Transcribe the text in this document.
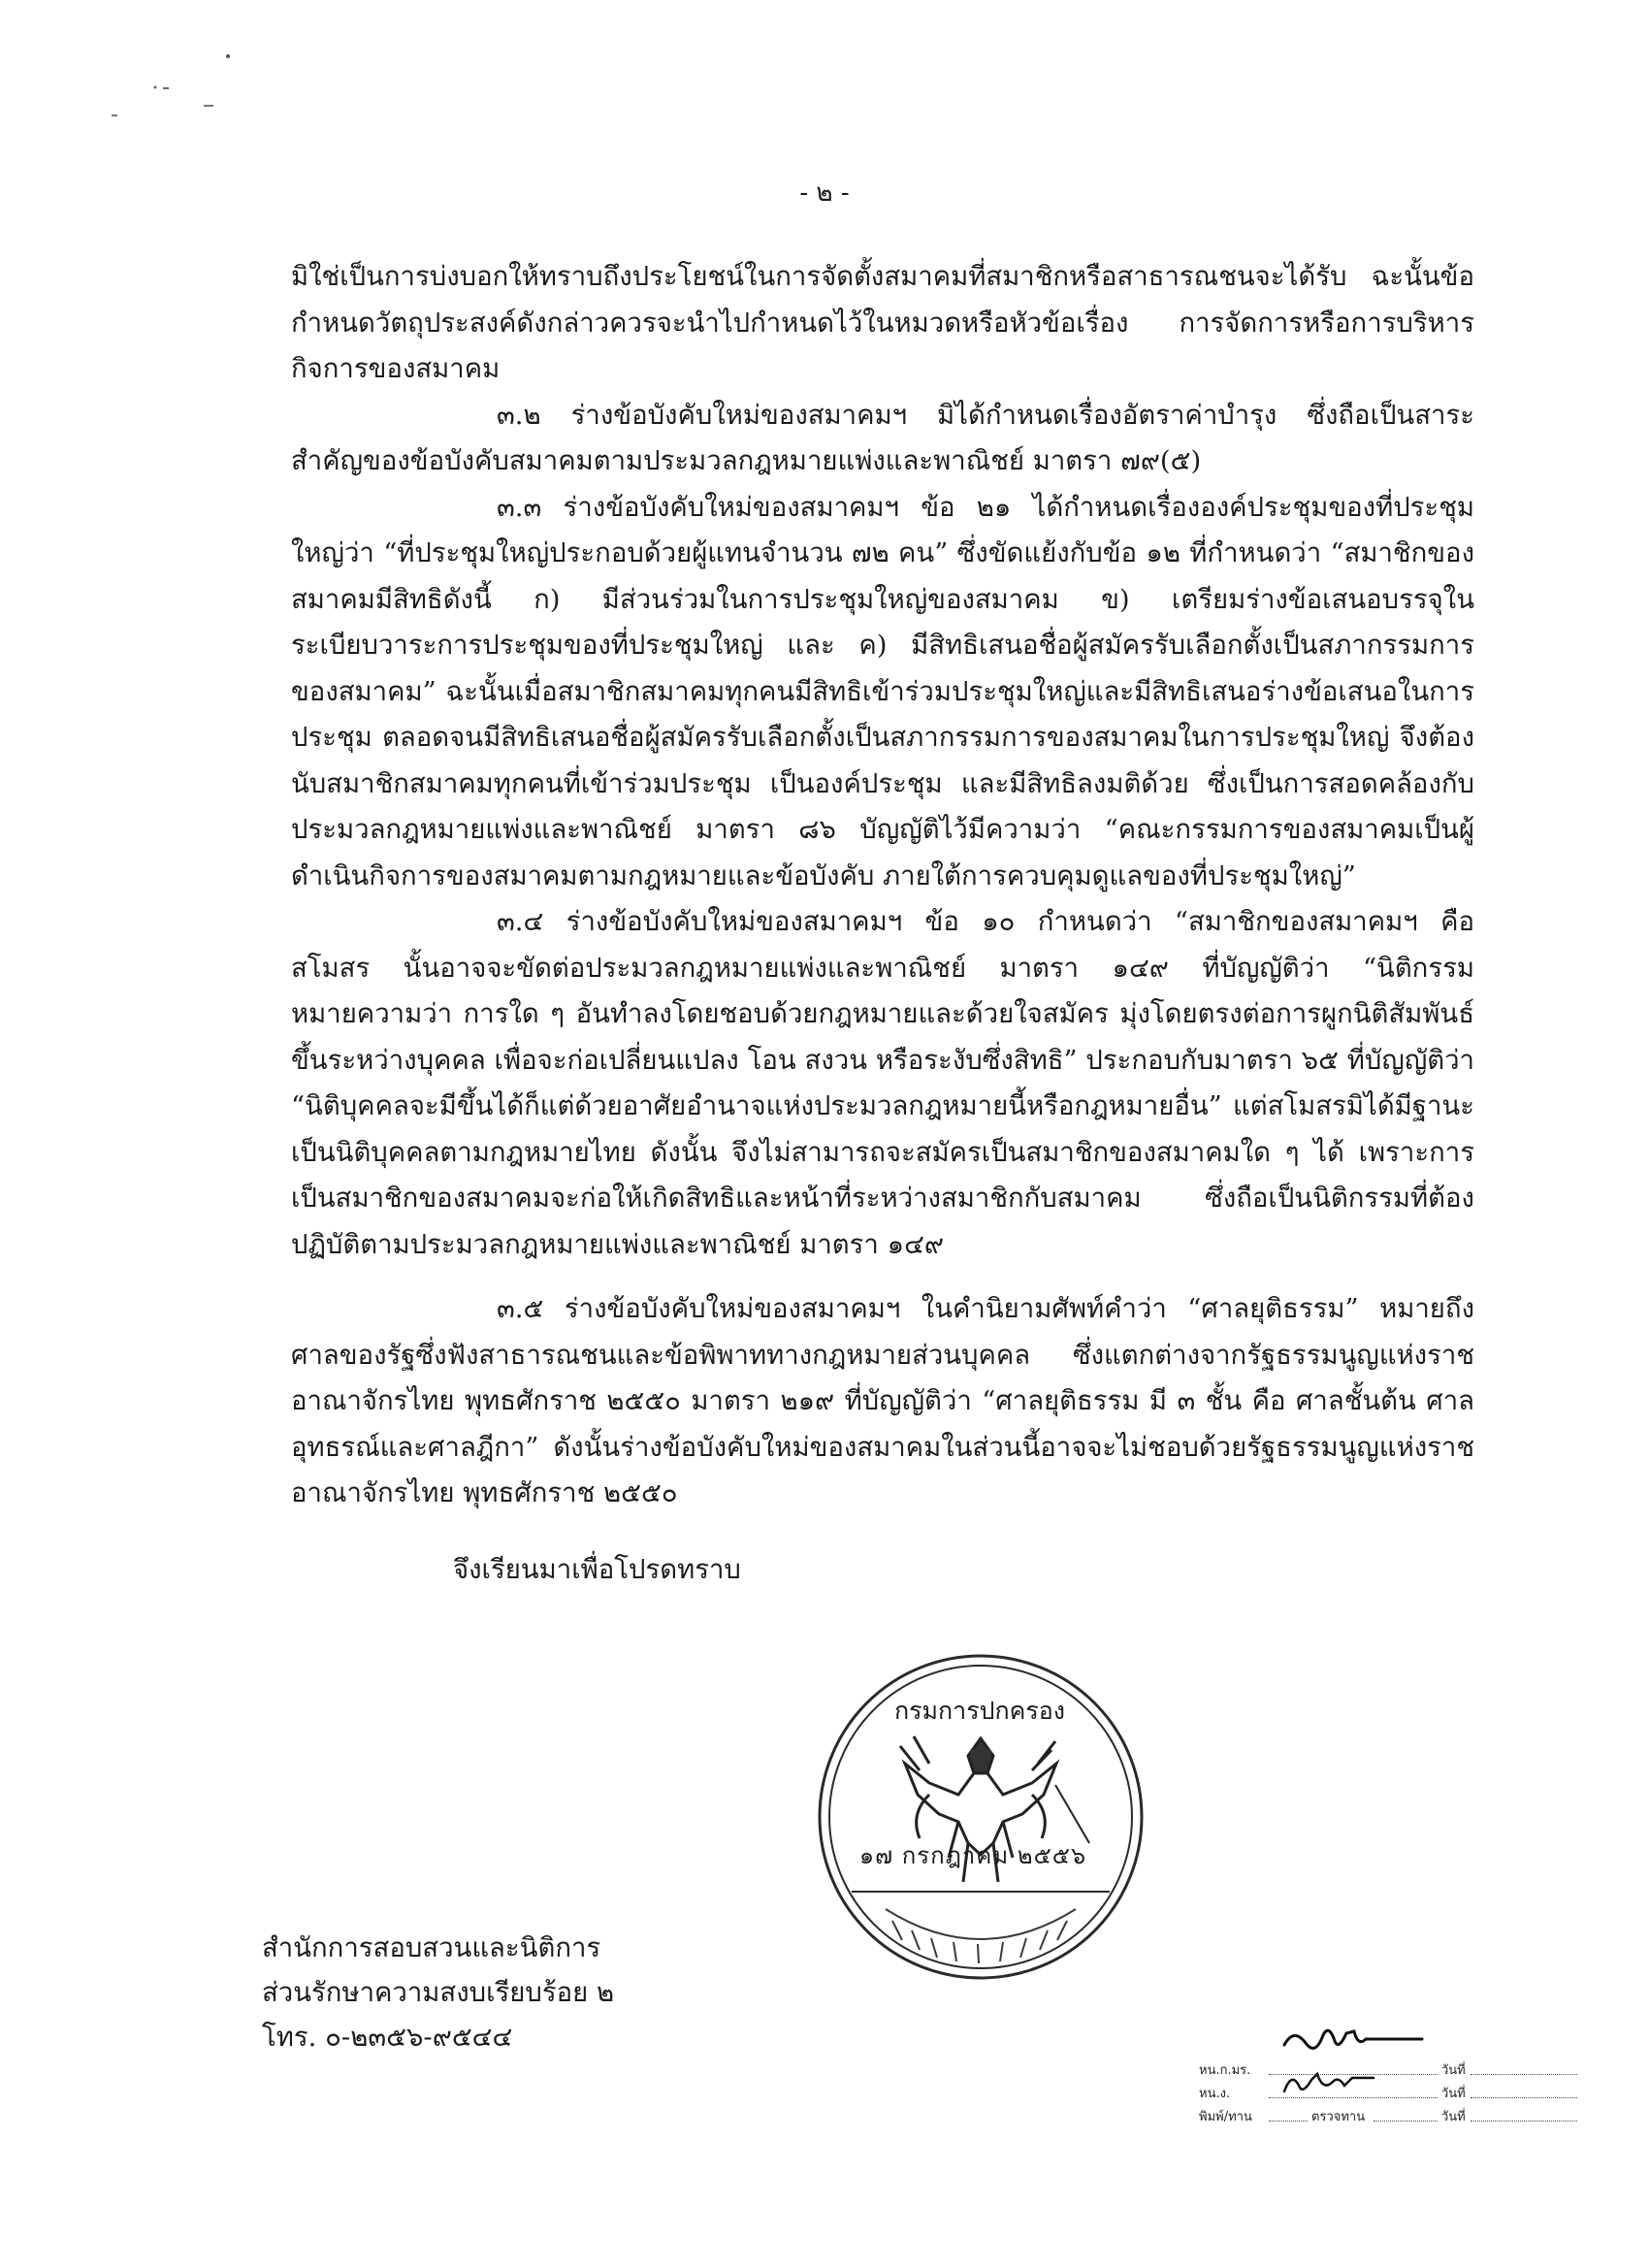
- ๒ -

มิใช่เป็นการบ่งบอกให้ทราบถึงประโยชน์ในการจัดตั้งสมาคมที่สมาชิกหรือสาธารณชนจะได้รับ ฉะนั้นข้อกำหนดวัตถุประสงค์ดังกล่าวควรจะนำไปกำหนดไว้ในหมวดหรือหัวข้อเรื่อง การจัดการหรือการบริหารกิจการของสมาคม

๓.๒ ร่างข้อบังคับใหม่ของสมาคมฯ มิได้กำหนดเรื่องอัตราค่าบำรุง ซึ่งถือเป็นสาระสำคัญของข้อบังคับสมาคมตามประมวลกฎหมายแพ่งและพาณิชย์ มาตรา ๗๙(๕)

๓.๓ ร่างข้อบังคับใหม่ของสมาคมฯ ข้อ ๒๑ ได้กำหนดเรื่ององค์ประชุมของที่ประชุมใหญ่ว่า “ที่ประชุมใหญ่ประกอบด้วยผู้แทนจำนวน ๗๒ คน” ซึ่งขัดแย้งกับข้อ ๑๒ ที่กำหนดว่า “สมาชิกของสมาคมมีสิทธิดังนี้ ก) มีส่วนร่วมในการประชุมใหญ่ของสมาคม ข) เตรียมร่างข้อเสนอบรรจุในระเบียบวาระการประชุมของที่ประชุมใหญ่ และ ค) มีสิทธิเสนอชื่อผู้สมัครรับเลือกตั้งเป็นสภากรรมการของสมาคม” ฉะนั้นเมื่อสมาชิกสมาคมทุกคนมีสิทธิเข้าร่วมประชุมใหญ่และมีสิทธิเสนอร่างข้อเสนอในการประชุม ตลอดจนมีสิทธิเสนอชื่อผู้สมัครรับเลือกตั้งเป็นสภากรรมการของสมาคมในการประชุมใหญ่ จึงต้องนับสมาชิกสมาคมทุกคนที่เข้าร่วมประชุม เป็นองค์ประชุม และมีสิทธิลงมติด้วย ซึ่งเป็นการสอดคล้องกับประมวลกฎหมายแพ่งและพาณิชย์ มาตรา ๘๖ บัญญัติไว้มีความว่า “คณะกรรมการของสมาคมเป็นผู้ดำเนินกิจการของสมาคมตามกฎหมายและข้อบังคับ ภายใต้การควบคุมดูแลของที่ประชุมใหญ่”

๓.๔ ร่างข้อบังคับใหม่ของสมาคมฯ ข้อ ๑๐ กำหนดว่า “สมาชิกของสมาคมฯ คือ สโมสร นั้นอาจจะขัดต่อประมวลกฎหมายแพ่งและพาณิชย์ มาตรา ๑๔๙ ที่บัญญัติว่า “นิติกรรม หมายความว่า การใด ๆ อันทำลงโดยชอบด้วยกฎหมายและด้วยใจสมัคร มุ่งโดยตรงต่อการผูกนิติสัมพันธ์ขึ้นระหว่างบุคคล เพื่อจะก่อเปลี่ยนแปลง โอน สงวน หรือระงับซึ่งสิทธิ” ประกอบกับมาตรา ๖๕ ที่บัญญัติว่า “นิติบุคคลจะมีขึ้นได้ก็แต่ด้วยอาศัยอำนาจแห่งประมวลกฎหมายนี้หรือกฎหมายอื่น” แต่สโมสรมิได้มีฐานะเป็นนิติบุคคลตามกฎหมายไทย ดังนั้น จึงไม่สามารถจะสมัครเป็นสมาชิกของสมาคมใด ๆ ได้ เพราะการเป็นสมาชิกของสมาคมจะก่อให้เกิดสิทธิและหน้าที่ระหว่างสมาชิกกับสมาคม ซึ่งถือเป็นนิติกรรมที่ต้องปฏิบัติตามประมวลกฎหมายแพ่งและพาณิชย์ มาตรา ๑๔๙

๓.๕ ร่างข้อบังคับใหม่ของสมาคมฯ ในคำนิยามศัพท์คำว่า “ศาลยุติธรรม” หมายถึง ศาลของรัฐซึ่งฟังสาธารณชนและข้อพิพาททางกฎหมายส่วนบุคคล ซึ่งแตกต่างจากรัฐธรรมนูญแห่งราชอาณาจักรไทย พุทธศักราช ๒๕๕๐ มาตรา ๒๑๙ ที่บัญญัติว่า “ศาลยุติธรรม มี ๓ ชั้น คือ ศาลชั้นต้น ศาลอุทธรณ์และศาลฎีกา” ดังนั้นร่างข้อบังคับใหม่ของสมาคมในส่วนนี้อาจจะไม่ชอบด้วยรัฐธรรมนูญแห่งราชอาณาจักรไทย พุทธศักราช ๒๕๕๐

จึงเรียนมาเพื่อโปรดทราบ
กรมการปกครอง
๑๗ กรกฎาคม ๒๕๕๖
สำนักการสอบสวนและนิติการ
ส่วนรักษาความสงบเรียบร้อย ๒
โทร. ๐-๒๓๕๖-๙๕๔๔
หน.ก.มร.	วันที่
หน.ง.	วันที่
พิมพ์/ทาน	ตรวจทาน	วันที่
